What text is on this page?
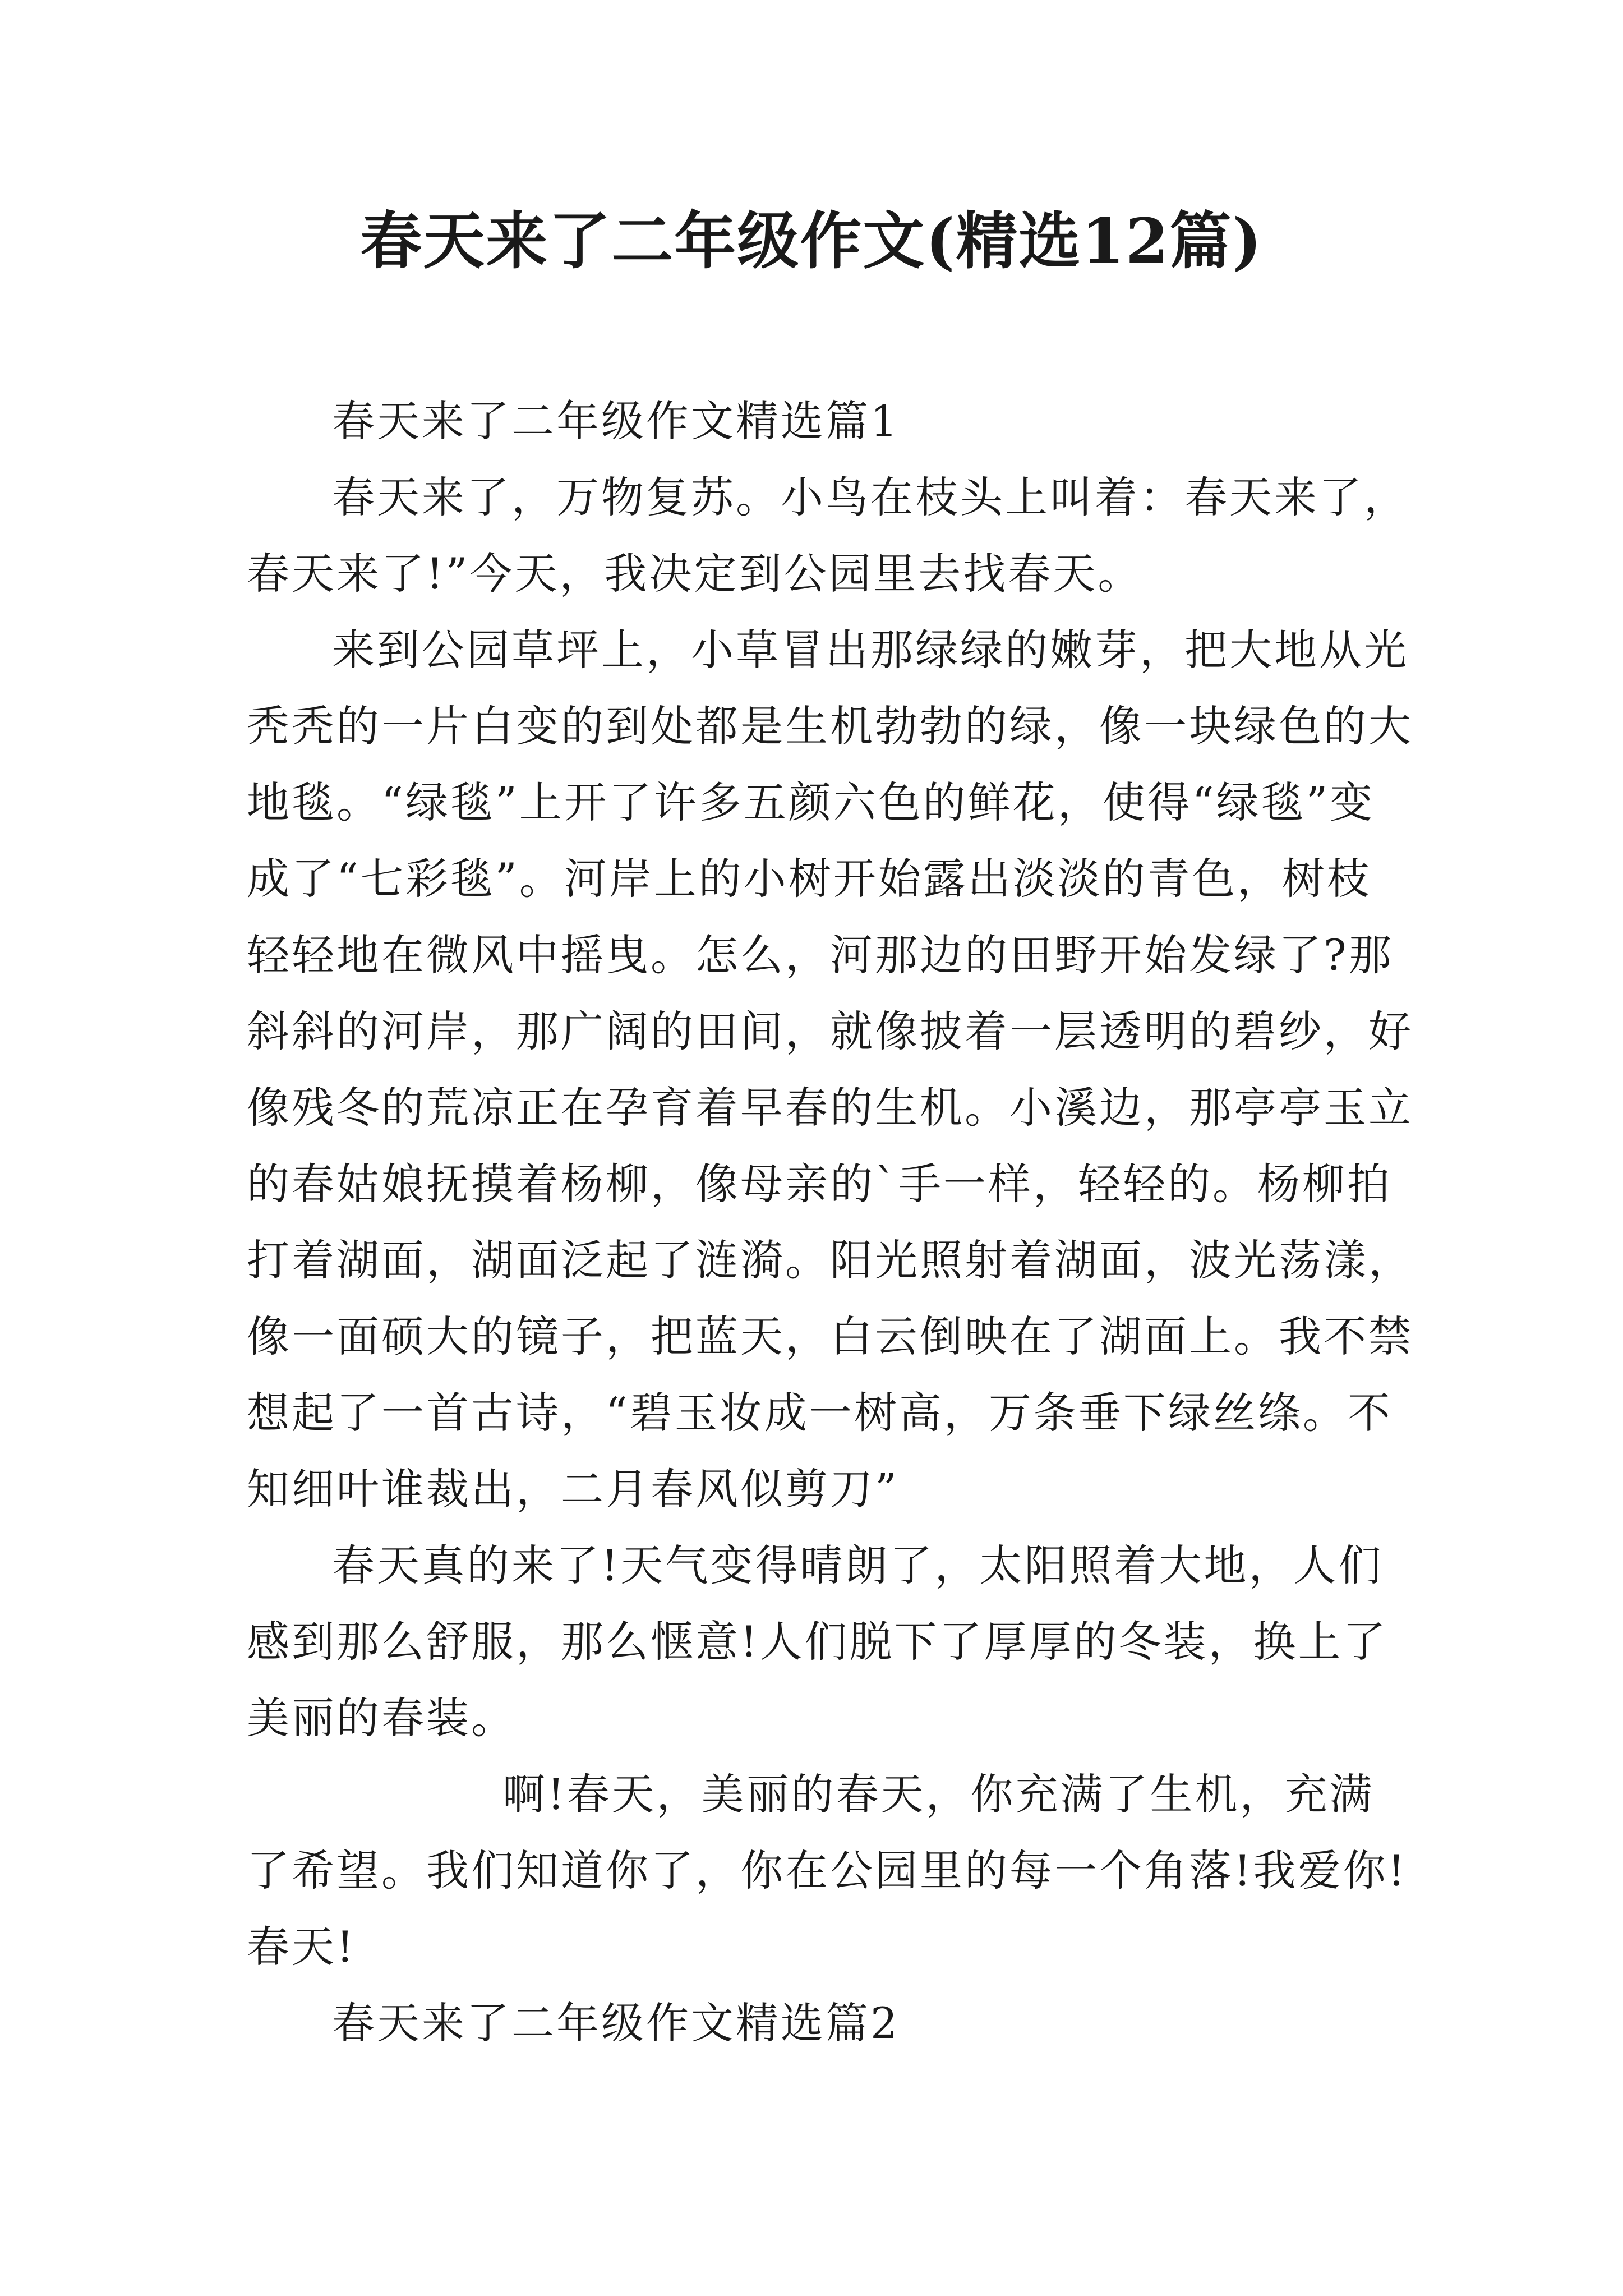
春天来了二年级作文(精选12篇)

春天来了二年级作文精选篇1

春天来了，万物复苏。小鸟在枝头上叫着：春天来了，春天来了!”今天，我决定到公园里去找春天。

来到公园草坪上，小草冒出那绿绿的嫩芽，把大地从光秃秃的一片白变的到处都是生机勃勃的绿，像一块绿色的大地毯。“绿毯”上开了许多五颜六色的鲜花，使得“绿毯”变成了“七彩毯”。河岸上的小树开始露出淡淡的青色，树枝轻轻地在微风中摇曳。怎么，河那边的田野开始发绿了?那斜斜的河岸，那广阔的田间，就像披着一层透明的碧纱，好像残冬的荒凉正在孕育着早春的生机。小溪边，那亭亭玉立的春姑娘抚摸着杨柳，像母亲的`手一样，轻轻的。杨柳拍打着湖面，湖面泛起了涟漪。阳光照射着湖面，波光荡漾，像一面硕大的镜子，把蓝天，白云倒映在了湖面上。我不禁想起了一首古诗，“碧玉妆成一树高，万条垂下绿丝绦。不知细叶谁裁出，二月春风似剪刀”

春天真的来了!天气变得晴朗了，太阳照着大地，人们感到那么舒服，那么惬意!人们脱下了厚厚的冬装，换上了美丽的春装。

啊!春天，美丽的春天，你充满了生机，充满了希望。我们知道你了，你在公园里的每一个角落!我爱你!春天!

春天来了二年级作文精选篇2
